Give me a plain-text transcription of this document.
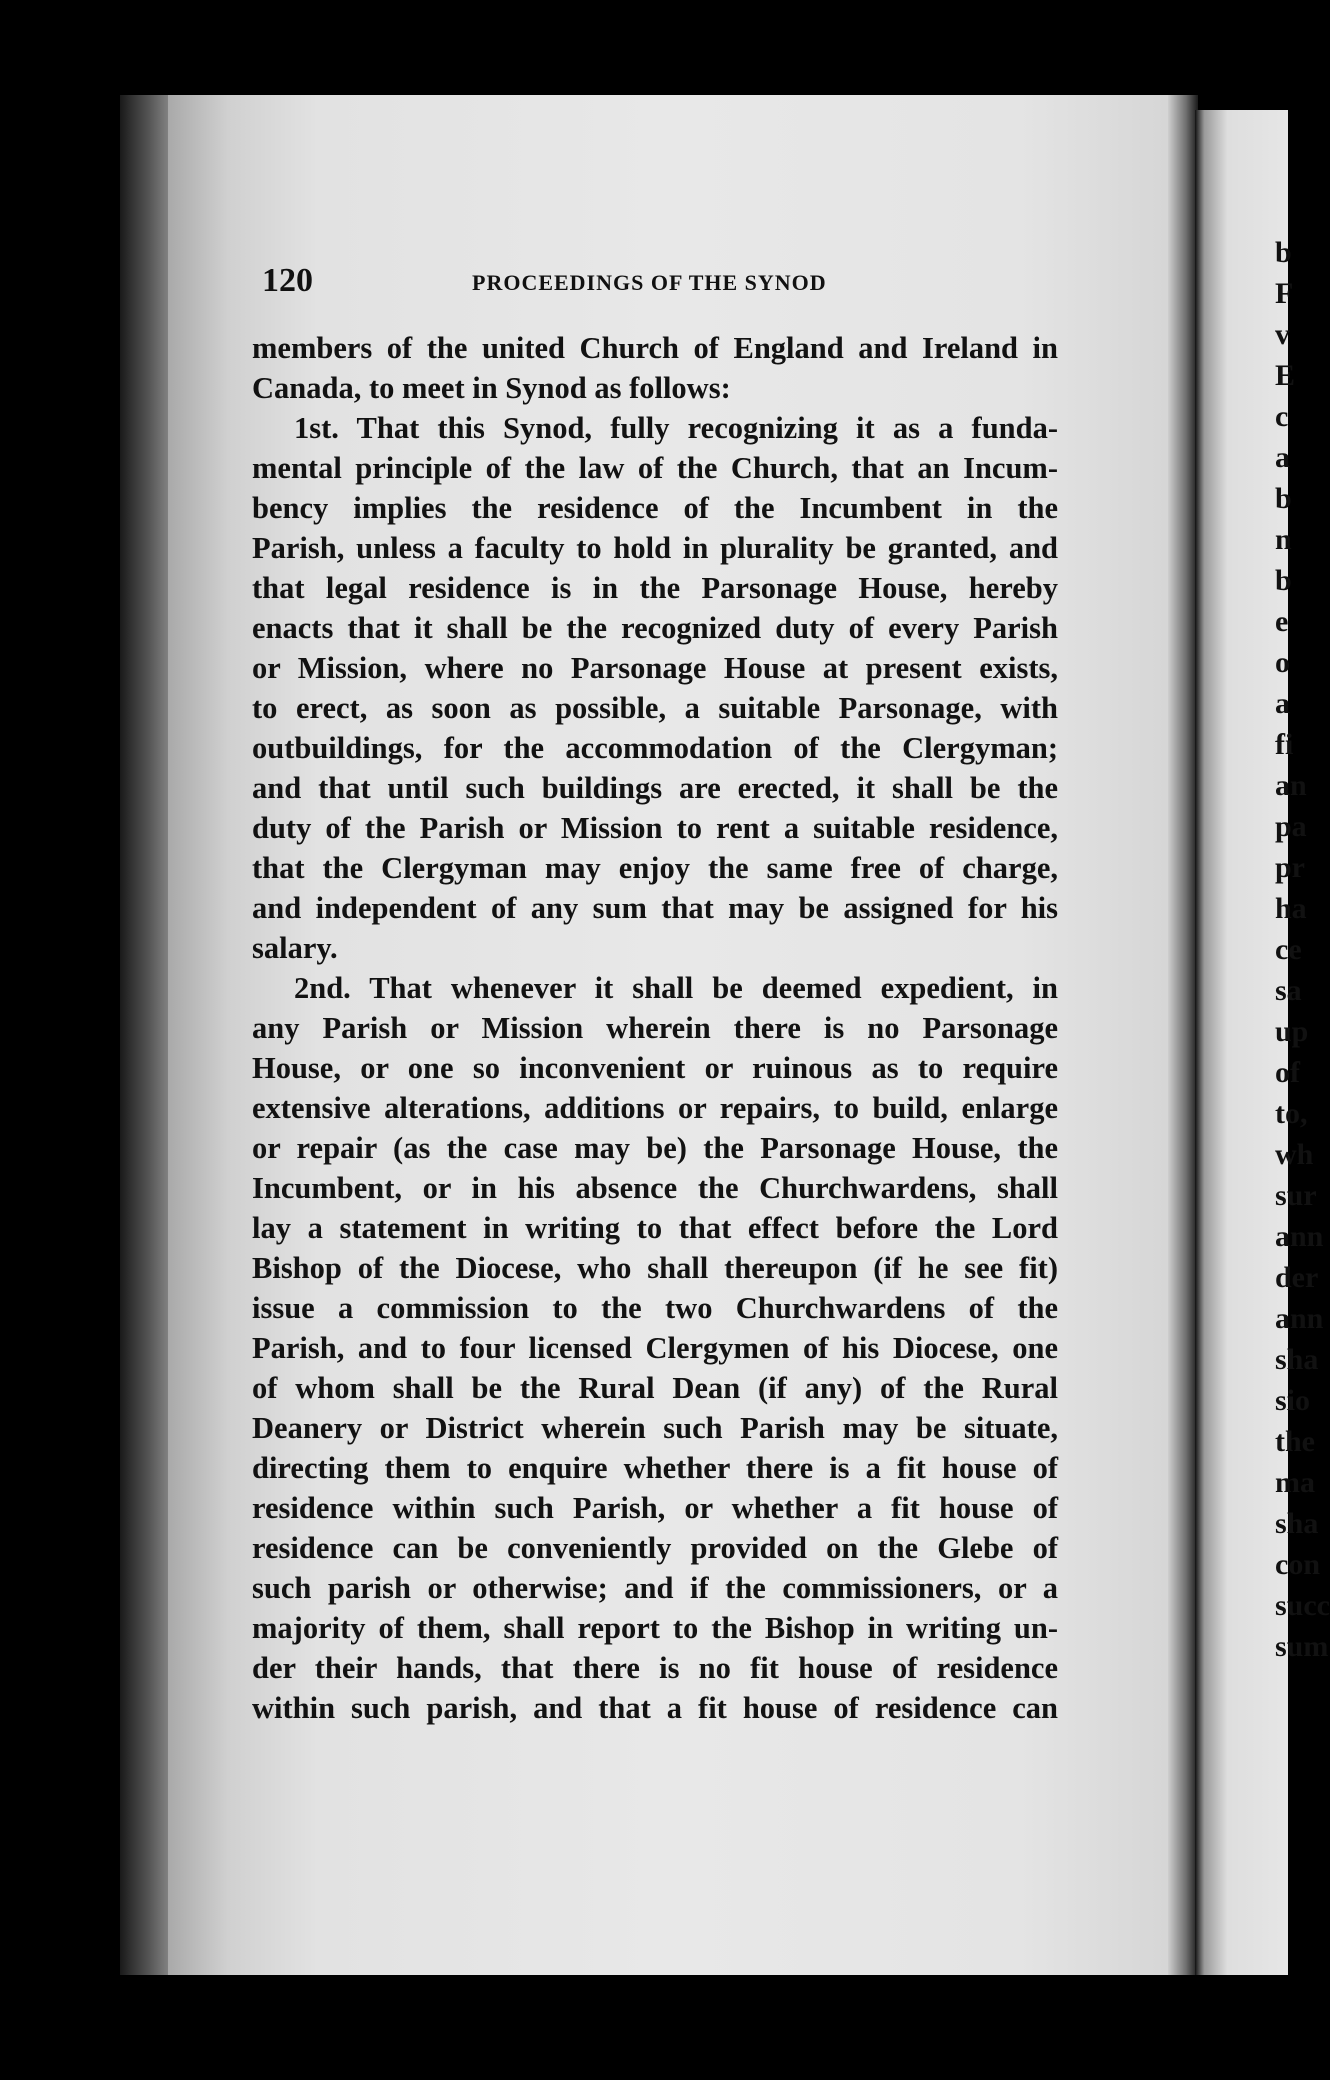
b
F
v
E
c
a
b
n
b
e
o
a
fi
an
pa
pr
ha
ce
sa
up
of
to,
wh
sur
ann
der
ann
sha
sio
the
ma
sha
con
succ
sum
120	PROCEEDINGS OF THE SYNOD
members of the united Church of England and Ireland in
Canada, to meet in Synod as follows:
1st. That this Synod, fully recognizing it as a funda-
mental principle of the law of the Church, that an Incum-
bency implies the residence of the Incumbent in the
Parish, unless a faculty to hold in plurality be granted, and
that legal residence is in the Parsonage House, hereby
enacts that it shall be the recognized duty of every Parish
or Mission, where no Parsonage House at present exists,
to erect, as soon as possible, a suitable Parsonage, with
outbuildings, for the accommodation of the Clergyman;
and that until such buildings are erected, it shall be the
duty of the Parish or Mission to rent a suitable residence,
that the Clergyman may enjoy the same free of charge,
and independent of any sum that may be assigned for his
salary.
2nd. That whenever it shall be deemed expedient, in
any Parish or Mission wherein there is no Parsonage
House, or one so inconvenient or ruinous as to require
extensive alterations, additions or repairs, to build, enlarge
or repair (as the case may be) the Parsonage House, the
Incumbent, or in his absence the Churchwardens, shall
lay a statement in writing to that effect before the Lord
Bishop of the Diocese, who shall thereupon (if he see fit)
issue a commission to the two Churchwardens of the
Parish, and to four licensed Clergymen of his Diocese, one
of whom shall be the Rural Dean (if any) of the Rural
Deanery or District wherein such Parish may be situate,
directing them to enquire whether there is a fit house of
residence within such Parish, or whether a fit house of
residence can be conveniently provided on the Glebe of
such parish or otherwise; and if the commissioners, or a
majority of them, shall report to the Bishop in writing un-
der their hands, that there is no fit house of residence
within such parish, and that a fit house of residence can
